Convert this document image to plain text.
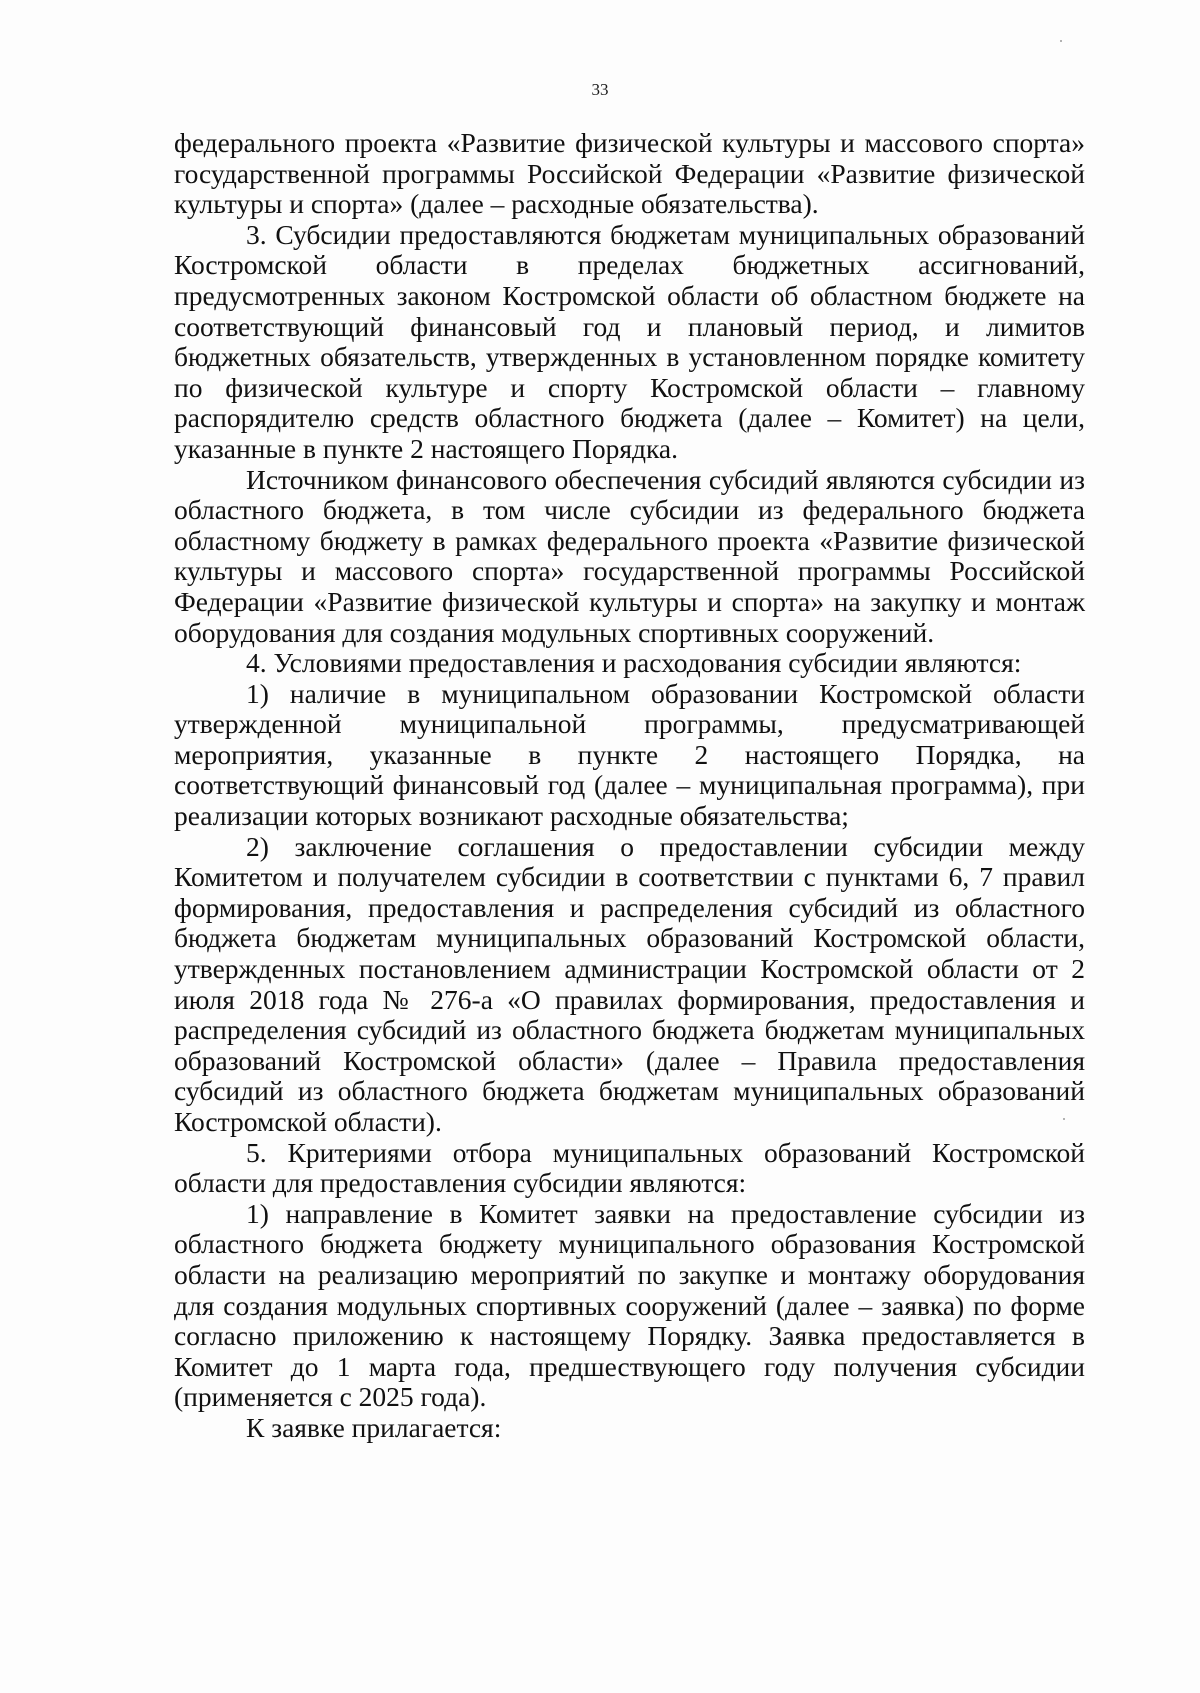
33

федерального проекта «Развитие физической культуры и массового спорта» государственной программы Российской Федерации «Развитие физической культуры и спорта» (далее – расходные обязательства).

3. Субсидии предоставляются бюджетам муниципальных образований Костромской области в пределах бюджетных ассигнований, предусмотренных законом Костромской области об областном бюджете на соответствующий финансовый год и плановый период, и лимитов бюджетных обязательств, утвержденных в установленном порядке комитету по физической культуре и спорту Костромской области – главному распорядителю средств областного бюджета (далее – Комитет) на цели, указанные в пункте 2 настоящего Порядка.

Источником финансового обеспечения субсидий являются субсидии из областного бюджета, в том числе субсидии из федерального бюджета областному бюджету в рамках федерального проекта «Развитие физической культуры и массового спорта» государственной программы Российской Федерации «Развитие физической культуры и спорта» на закупку и монтаж оборудования для создания модульных спортивных сооружений.

4. Условиями предоставления и расходования субсидии являются:

1) наличие в муниципальном образовании Костромской области утвержденной муниципальной программы, предусматривающей мероприятия, указанные в пункте 2 настоящего Порядка, на соответствующий финансовый год (далее – муниципальная программа), при реализации которых возникают расходные обязательства;

2) заключение соглашения о предоставлении субсидии между Комитетом и получателем субсидии в соответствии с пунктами 6, 7 правил формирования, предоставления и распределения субсидий из областного бюджета бюджетам муниципальных образований Костромской области, утвержденных постановлением администрации Костромской области от 2 июля 2018 года № 276-а «О правилах формирования, предоставления и распределения субсидий из областного бюджета бюджетам муниципальных образований Костромской области» (далее – Правила предоставления субсидий из областного бюджета бюджетам муниципальных образований Костромской области).

5. Критериями отбора муниципальных образований Костромской области для предоставления субсидии являются:

1) направление в Комитет заявки на предоставление субсидии из областного бюджета бюджету муниципального образования Костромской области на реализацию мероприятий по закупке и монтажу оборудования для создания модульных спортивных сооружений (далее – заявка) по форме согласно приложению к настоящему Порядку. Заявка предоставляется в Комитет до 1 марта года, предшествующего году получения субсидии (применяется с 2025 года).

К заявке прилагается:
